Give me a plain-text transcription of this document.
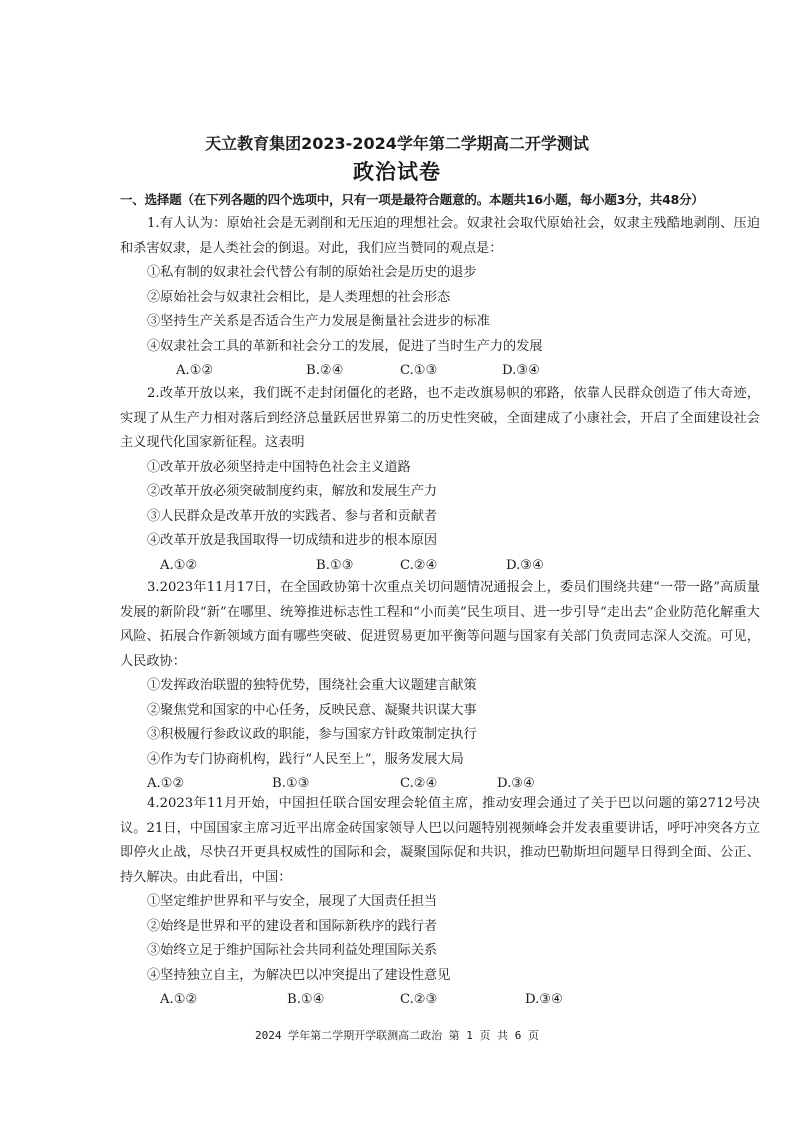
天立教育集团2023-2024学年第二学期高二开学测试
政治试卷
一、选择题（在下列各题的四个选项中，只有一项是最符合题意的。本题共16小题，每小题3分，共48分）

1.有人认为：原始社会是无剥削和无压迫的理想社会。奴隶社会取代原始社会，奴隶主残酷地剥削、压迫和杀害奴隶，是人类社会的倒退。对此，我们应当赞同的观点是：

①私有制的奴隶社会代替公有制的原始社会是历史的退步

②原始社会与奴隶社会相比，是人类理想的社会形态

③坚持生产关系是否适合生产力发展是衡量社会进步的标准

④奴隶社会工具的革新和社会分工的发展，促进了当时生产力的发展

A.①②	B.②④	C.①③	D.③④

2.改革开放以来，我们既不走封闭僵化的老路，也不走改旗易帜的邪路，依靠人民群众创造了伟大奇迹，实现了从生产力相对落后到经济总量跃居世界第二的历史性突破，全面建成了小康社会，开启了全面建设社会主义现代化国家新征程。这表明

①改革开放必须坚持走中国特色社会主义道路

②改革开放必须突破制度约束，解放和发展生产力

③人民群众是改革开放的实践者、参与者和贡献者

④改革开放是我国取得一切成绩和进步的根本原因

A.①②	B.①③	C.②④	D.③④

3.2023年11月17日，在全国政协第十次重点关切问题情况通报会上，委员们围绕共建“一带一路”高质量发展的新阶段“新”在哪里、统筹推进标志性工程和“小而美”民生项目、进一步引导“走出去”企业防范化解重大风险、拓展合作新领域方面有哪些突破、促进贸易更加平衡等问题与国家有关部门负责同志深人交流。可见，人民政协：

①发挥政治联盟的独特优势，围绕社会重大议题建言献策

②聚焦党和国家的中心任务，反映民意、凝聚共识谋大事

③积极履行参政议政的职能，参与国家方针政策制定执行

④作为专门协商机构，践行“人民至上”，服务发展大局

A.①②	B.①③	C.②④	D.③④

4.2023年11月开始，中国担任联合国安理会轮值主席，推动安理会通过了关于巴以问题的第2712号决议。21日，中国国家主席习近平出席金砖国家领导人巴以问题特别视频峰会并发表重要讲话，呼吁冲突各方立即停火止战，尽快召开更具权威性的国际和会，凝聚国际促和共识，推动巴勒斯坦问题早日得到全面、公正、持久解决。由此看出，中国：

①坚定维护世界和平与安全，展现了大国责任担当

②始终是世界和平的建设者和国际新秩序的践行者

③始终立足于维护国际社会共同利益处理国际关系

④坚持独立自主，为解决巴以冲突提出了建设性意见

A.①②	B.①④	C.②③	D.③④
2024 学年第二学期开学联测高二政治 第 1 页 共 6 页
